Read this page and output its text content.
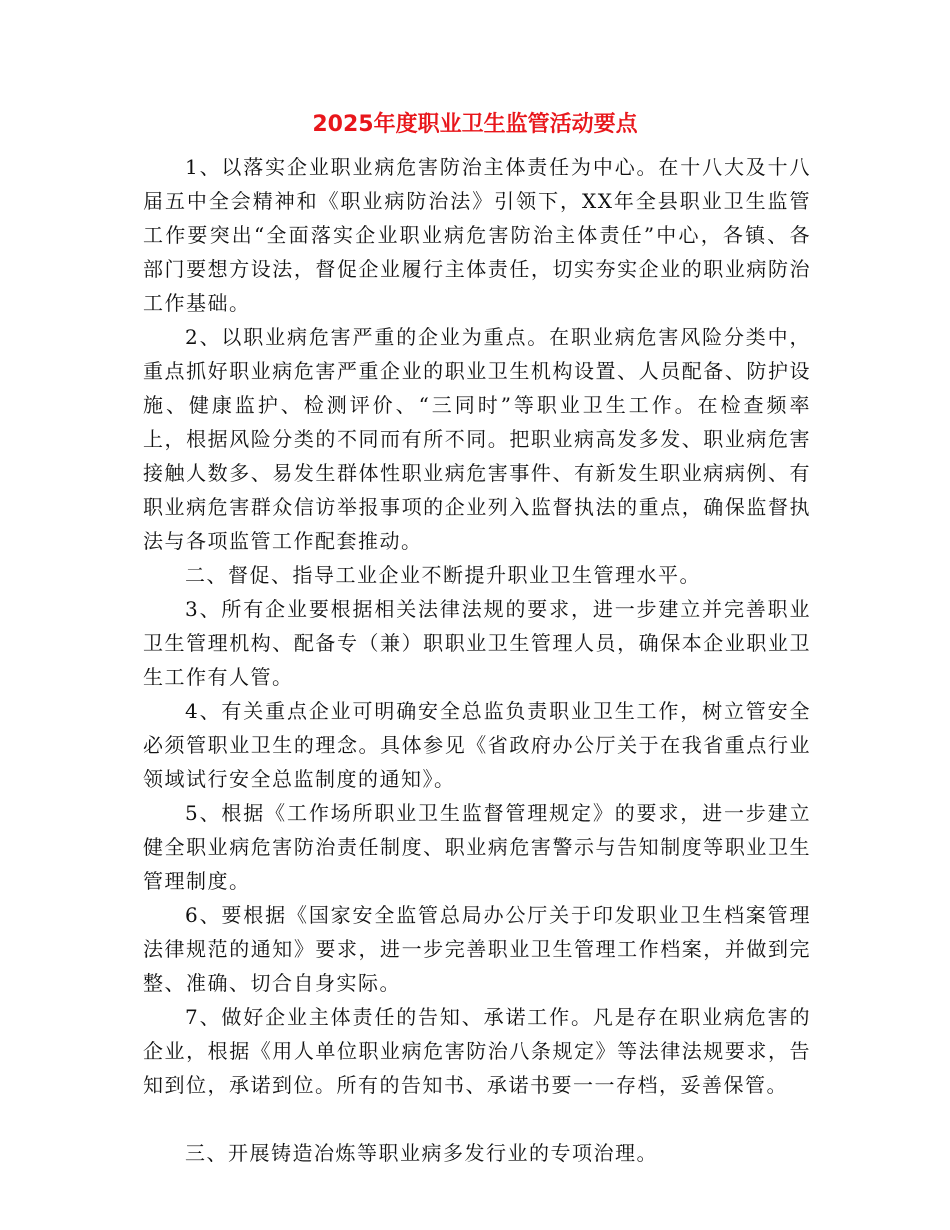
2025年度职业卫生监管活动要点

1、以落实企业职业病危害防治主体责任为中心。在十八大及十八届五中全会精神和《职业病防治法》引领下，XX年全县职业卫生监管工作要突出“全面落实企业职业病危害防治主体责任”中心，各镇、各部门要想方设法，督促企业履行主体责任，切实夯实企业的职业病防治工作基础。

2、以职业病危害严重的企业为重点。在职业病危害风险分类中，重点抓好职业病危害严重企业的职业卫生机构设置、人员配备、防护设施、健康监护、检测评价、“三同时”等职业卫生工作。在检查频率上，根据风险分类的不同而有所不同。把职业病高发多发、职业病危害接触人数多、易发生群体性职业病危害事件、有新发生职业病病例、有职业病危害群众信访举报事项的企业列入监督执法的重点，确保监督执法与各项监管工作配套推动。

二、督促、指导工业企业不断提升职业卫生管理水平。

3、所有企业要根据相关法律法规的要求，进一步建立并完善职业卫生管理机构、配备专（兼）职职业卫生管理人员，确保本企业职业卫生工作有人管。

4、有关重点企业可明确安全总监负责职业卫生工作，树立管安全必须管职业卫生的理念。具体参见《省政府办公厅关于在我省重点行业领域试行安全总监制度的通知》。

5、根据《工作场所职业卫生监督管理规定》的要求，进一步建立健全职业病危害防治责任制度、职业病危害警示与告知制度等职业卫生管理制度。

6、要根据《国家安全监管总局办公厅关于印发职业卫生档案管理法律规范的通知》要求，进一步完善职业卫生管理工作档案，并做到完整、准确、切合自身实际。

7、做好企业主体责任的告知、承诺工作。凡是存在职业病危害的企业，根据《用人单位职业病危害防治八条规定》等法律法规要求，告知到位，承诺到位。所有的告知书、承诺书要一一存档，妥善保管。

三、开展铸造冶炼等职业病多发行业的专项治理。
